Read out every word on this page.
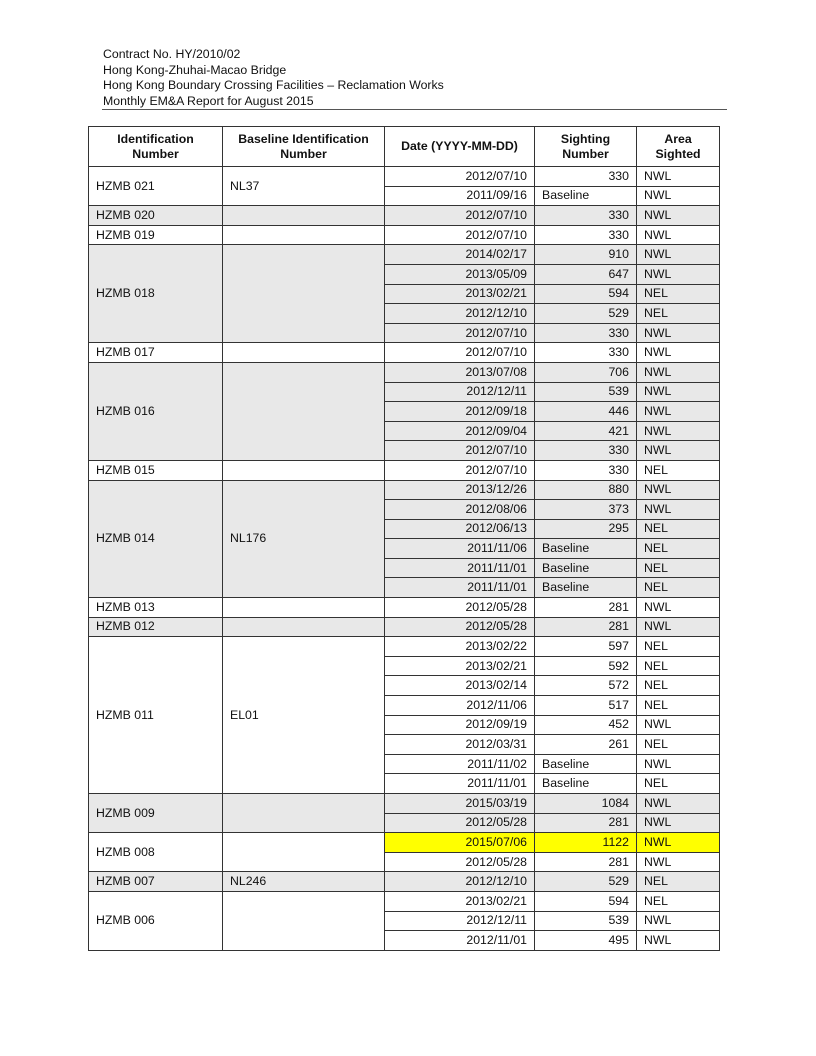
Contract No. HY/2010/02
Hong Kong-Zhuhai-Macao Bridge
Hong Kong Boundary Crossing Facilities – Reclamation Works
Monthly EM&A Report for August 2015
Identification Number	Baseline Identification Number	Date (YYYY-MM-DD)	Sighting Number	Area Sighted
HZMB 021	NL37	2012/07/10	330	NWL
		2011/09/16	Baseline	NWL
HZMB 020		2012/07/10	330	NWL
HZMB 019		2012/07/10	330	NWL
HZMB 018		2014/02/17	910	NWL
		2013/05/09	647	NWL
		2013/02/21	594	NEL
		2012/12/10	529	NEL
		2012/07/10	330	NWL
HZMB 017		2012/07/10	330	NWL
HZMB 016		2013/07/08	706	NWL
		2012/12/11	539	NWL
		2012/09/18	446	NWL
		2012/09/04	421	NWL
		2012/07/10	330	NWL
HZMB 015		2012/07/10	330	NEL
HZMB 014	NL176	2013/12/26	880	NWL
		2012/08/06	373	NWL
		2012/06/13	295	NEL
		2011/11/06	Baseline	NEL
		2011/11/01	Baseline	NEL
		2011/11/01	Baseline	NEL
HZMB 013		2012/05/28	281	NWL
HZMB 012		2012/05/28	281	NWL
HZMB 011	EL01	2013/02/22	597	NEL
		2013/02/21	592	NEL
		2013/02/14	572	NEL
		2012/11/06	517	NEL
		2012/09/19	452	NWL
		2012/03/31	261	NEL
		2011/11/02	Baseline	NWL
		2011/11/01	Baseline	NEL
HZMB 009		2015/03/19	1084	NWL
		2012/05/28	281	NWL
HZMB 008		2015/07/06	1122	NWL
		2012/05/28	281	NWL
HZMB 007	NL246	2012/12/10	529	NEL
HZMB 006		2013/02/21	594	NEL
		2012/12/11	539	NWL
		2012/11/01	495	NWL
